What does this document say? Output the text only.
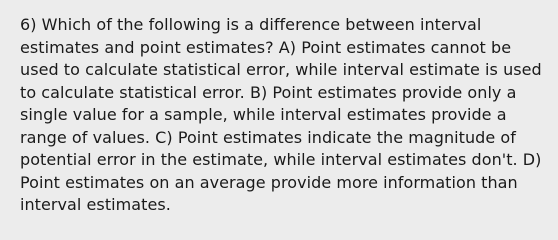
6) Which of the following is a difference between interval estimates and point estimates? A) Point estimates cannot be used to calculate statistical error, while interval estimate is used to calculate statistical error. B) Point estimates provide only a single value for a sample, while interval estimates provide a range of values. C) Point estimates indicate the magnitude of potential error in the estimate, while interval estimates don't. D) Point estimates on an average provide more information than interval estimates.
